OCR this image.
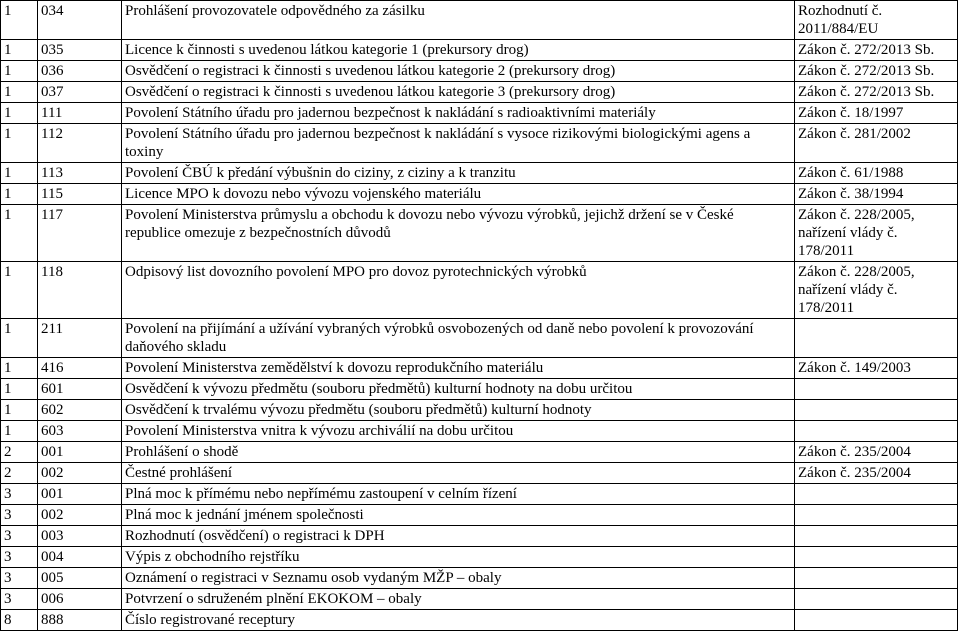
1	034	Prohlášení provozovatele odpovědného za zásilku	Rozhodnutí č. 2011/884/EU
1	035	Licence k činnosti s uvedenou látkou kategorie 1 (prekursory drog)	Zákon č. 272/2013 Sb.
1	036	Osvědčení o registraci k činnosti s uvedenou látkou kategorie 2 (prekursory drog)	Zákon č. 272/2013 Sb.
1	037	Osvědčení o registraci k činnosti s uvedenou látkou kategorie 3 (prekursory drog)	Zákon č. 272/2013 Sb.
1	111	Povolení Státního úřadu pro jadernou bezpečnost k nakládání s radioaktivními materiály	Zákon č. 18/1997
1	112	Povolení Státního úřadu pro jadernou bezpečnost k nakládání s vysoce rizikovými biologickými agens a toxiny	Zákon č. 281/2002
1	113	Povolení ČBÚ k předání výbušnin do ciziny, z ciziny a k tranzitu	Zákon č. 61/1988
1	115	Licence MPO k dovozu nebo vývozu vojenského materiálu	Zákon č. 38/1994
1	117	Povolení Ministerstva průmyslu a obchodu k dovozu nebo vývozu výrobků, jejichž držení se v České republice omezuje z bezpečnostních důvodů	Zákon č. 228/2005, nařízení vlády č. 178/2011
1	118	Odpisový list dovozního povolení MPO pro dovoz pyrotechnických výrobků	Zákon č. 228/2005, nařízení vlády č. 178/2011
1	211	Povolení na přijímání a užívání vybraných výrobků osvobozených od daně nebo povolení k provozování daňového skladu	
1	416	Povolení Ministerstva zemědělství k dovozu reprodukčního materiálu	Zákon č. 149/2003
1	601	Osvědčení k vývozu předmětu (souboru předmětů) kulturní hodnoty na dobu určitou	
1	602	Osvědčení k trvalému vývozu předmětu (souboru předmětů) kulturní hodnoty	
1	603	Povolení Ministerstva vnitra k vývozu archiválií na dobu určitou	
2	001	Prohlášení o shodě	Zákon č. 235/2004
2	002	Čestné prohlášení	Zákon č. 235/2004
3	001	Plná moc k přímému nebo nepřímému zastoupení v celním řízení	
3	002	Plná moc k jednání jménem společnosti	
3	003	Rozhodnutí (osvědčení) o registraci k DPH	
3	004	Výpis z obchodního rejstříku	
3	005	Oznámení o registraci v Seznamu osob vydaným MŽP – obaly	
3	006	Potvrzení o sdruženém plnění EKOKOM – obaly	
8	888	Číslo registrované receptury	
